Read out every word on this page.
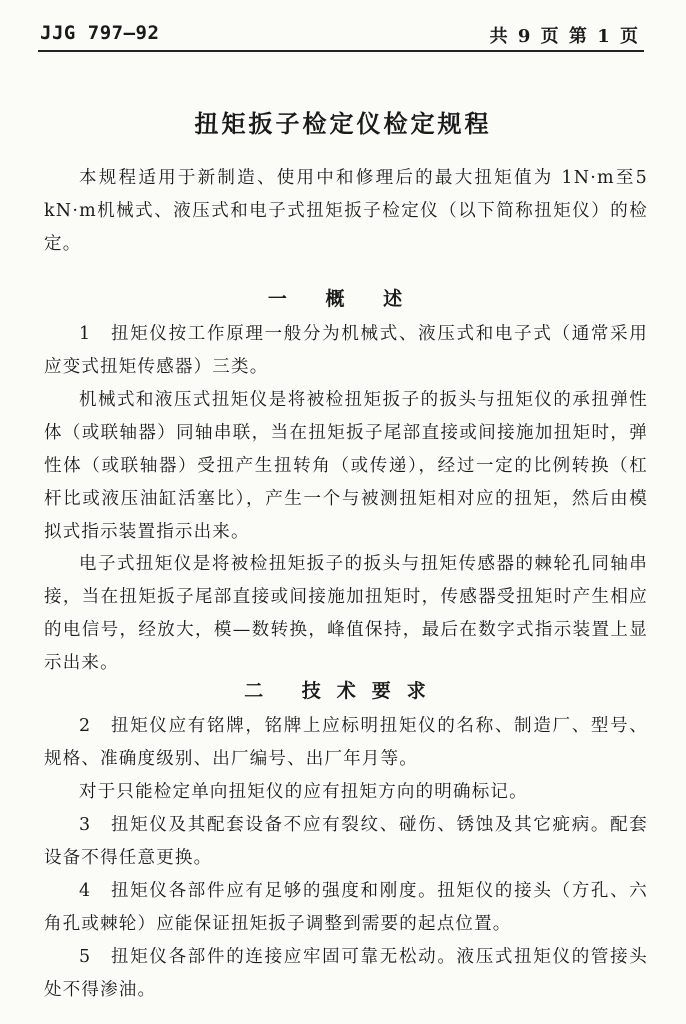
JJG 797—92	共 9 页 第 1 页
扭矩扳子检定仪检定规程

本规程适用于新制造、使用中和修理后的最大扭矩值为 1N·m至5 kN·m机械式、液压式和电子式扭矩扳子检定仪（以下简称扭矩仪）的检定。

一 概 述

1　扭矩仪按工作原理一般分为机械式、液压式和电子式（通常采用应变式扭矩传感器）三类。

机械式和液压式扭矩仪是将被检扭矩扳子的扳头与扭矩仪的承扭弹性体（或联轴器）同轴串联，当在扭矩扳子尾部直接或间接施加扭矩时，弹性体（或联轴器）受扭产生扭转角（或传递），经过一定的比例转换（杠杆比或液压油缸活塞比），产生一个与被测扭矩相对应的扭矩，然后由模拟式指示装置指示出来。

电子式扭矩仪是将被检扭矩扳子的扳头与扭矩传感器的棘轮孔同轴串接，当在扭矩扳子尾部直接或间接施加扭矩时，传感器受扭矩时产生相应的电信号，经放大，模—数转换，峰值保持，最后在数字式指示装置上显示出来。

二 技术要求

2　扭矩仪应有铭牌，铭牌上应标明扭矩仪的名称、制造厂、型号、规格、准确度级别、出厂编号、出厂年月等。

对于只能检定单向扭矩仪的应有扭矩方向的明确标记。

3　扭矩仪及其配套设备不应有裂纹、碰伤、锈蚀及其它疵病。配套设备不得任意更换。

4　扭矩仪各部件应有足够的强度和刚度。扭矩仪的接头（方孔、六角孔或棘轮）应能保证扭矩扳子调整到需要的起点位置。

5　扭矩仪各部件的连接应牢固可靠无松动。液压式扭矩仪的管接头处不得渗油。
